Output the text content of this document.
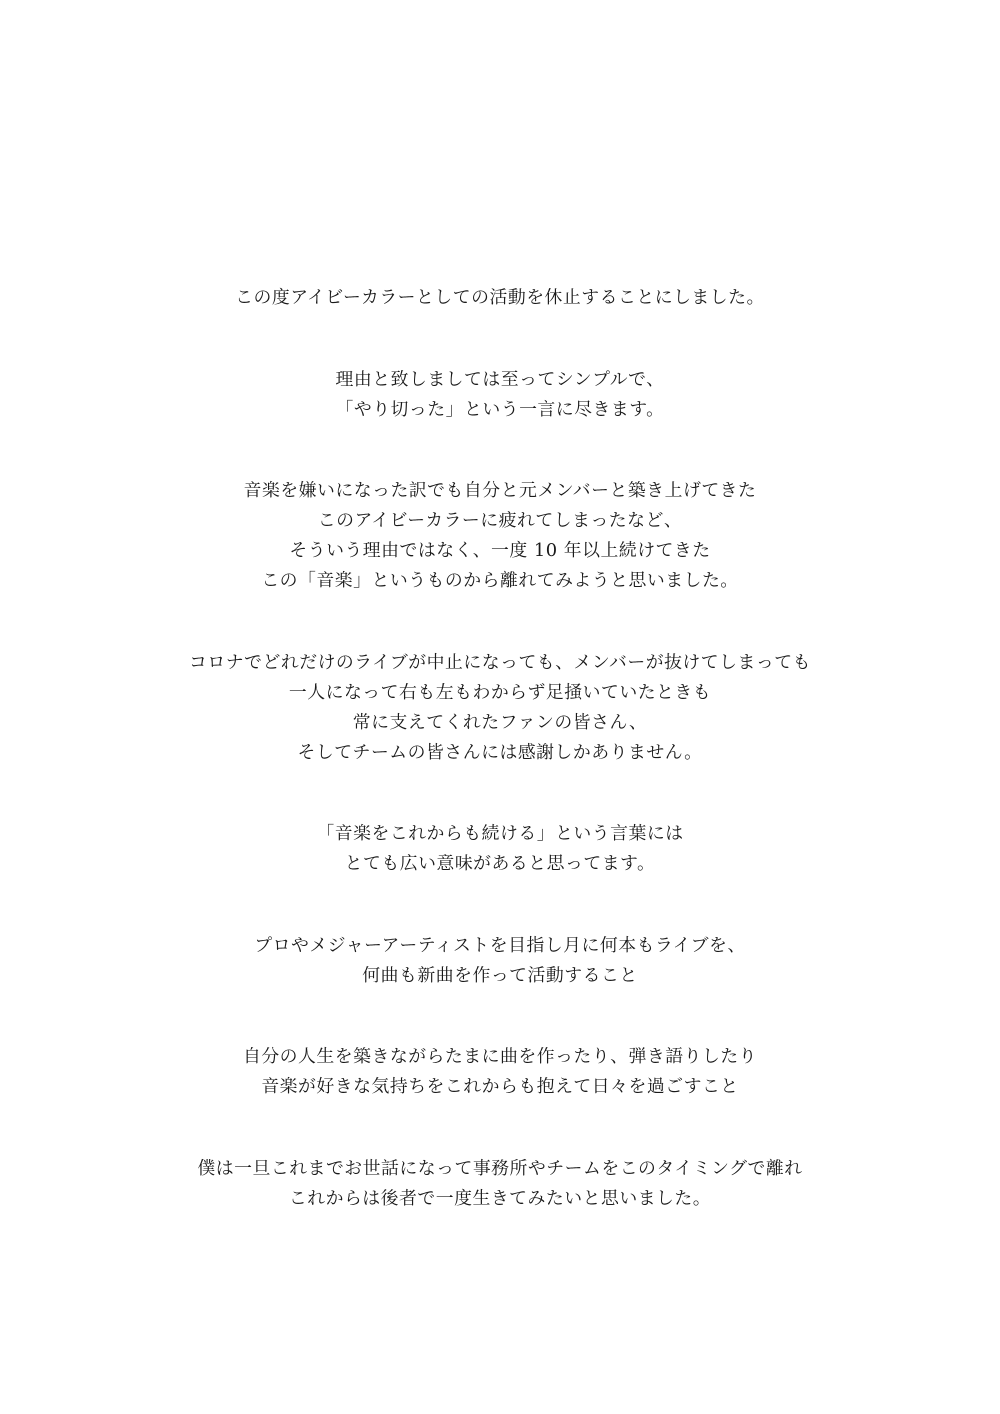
この度アイビーカラーとしての活動を休止することにしました。

理由と致しましては至ってシンプルで、
「やり切った」という一言に尽きます。

音楽を嫌いになった訳でも自分と元メンバーと築き上げてきた
このアイビーカラーに疲れてしまったなど、
そういう理由ではなく、一度 10 年以上続けてきた
この「音楽」というものから離れてみようと思いました。

コロナでどれだけのライブが中止になっても、メンバーが抜けてしまっても
一人になって右も左もわからず足掻いていたときも
常に支えてくれたファンの皆さん、
そしてチームの皆さんには感謝しかありません。

「音楽をこれからも続ける」という言葉には
とても広い意味があると思ってます。

プロやメジャーアーティストを目指し月に何本もライブを、
何曲も新曲を作って活動すること

自分の人生を築きながらたまに曲を作ったり、弾き語りしたり
音楽が好きな気持ちをこれからも抱えて日々を過ごすこと

僕は一旦これまでお世話になって事務所やチームをこのタイミングで離れ
これからは後者で一度生きてみたいと思いました。
